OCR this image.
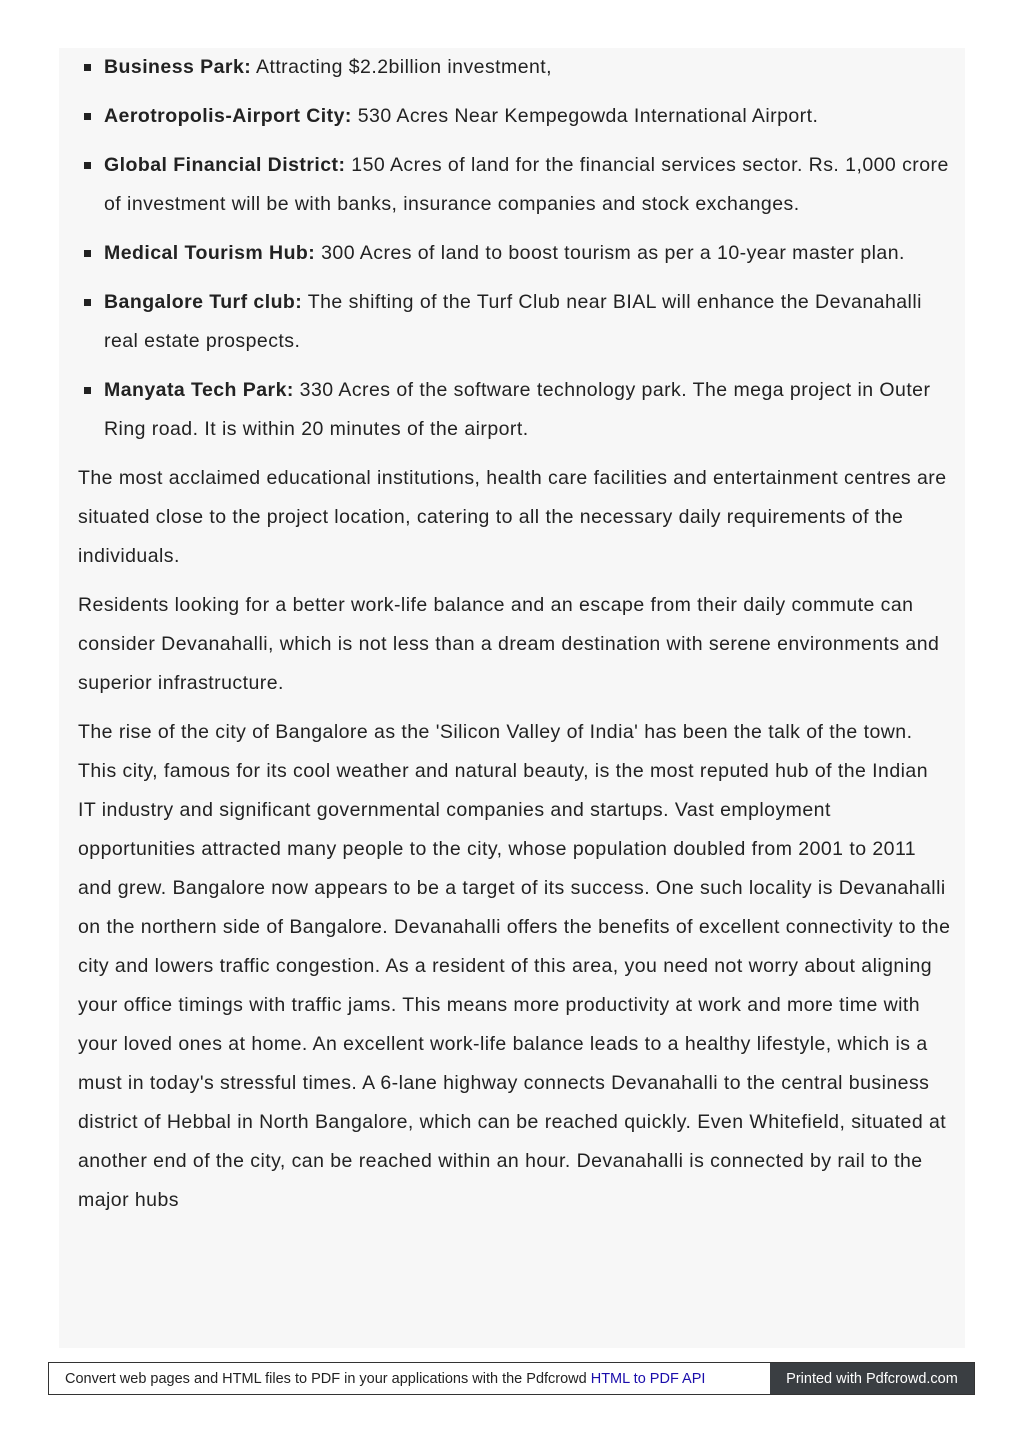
Business Park: Attracting $2.2billion investment,
Aerotropolis-Airport City: 530 Acres Near Kempegowda International Airport.
Global Financial District: 150 Acres of land for the financial services sector. Rs. 1,000 crore of investment will be with banks, insurance companies and stock exchanges.
Medical Tourism Hub: 300 Acres of land to boost tourism as per a 10-year master plan.
Bangalore Turf club: The shifting of the Turf Club near BIAL will enhance the Devanahalli real estate prospects.
Manyata Tech Park: 330 Acres of the software technology park. The mega project in Outer Ring road. It is within 20 minutes of the airport.

The most acclaimed educational institutions, health care facilities and entertainment centres are situated close to the project location, catering to all the necessary daily requirements of the individuals.

Residents looking for a better work-life balance and an escape from their daily commute can consider Devanahalli, which is not less than a dream destination with serene environments and superior infrastructure.

The rise of the city of Bangalore as the 'Silicon Valley of India' has been the talk of the town. This city, famous for its cool weather and natural beauty, is the most reputed hub of the Indian IT industry and significant governmental companies and startups. Vast employment opportunities attracted many people to the city, whose population doubled from 2001 to 2011 and grew. Bangalore now appears to be a target of its success. One such locality is Devanahalli on the northern side of Bangalore. Devanahalli offers the benefits of excellent connectivity to the city and lowers traffic congestion. As a resident of this area, you need not worry about aligning your office timings with traffic jams. This means more productivity at work and more time with your loved ones at home. An excellent work-life balance leads to a healthy lifestyle, which is a must in today's stressful times. A 6-lane highway connects Devanahalli to the central business district of Hebbal in North Bangalore, which can be reached quickly. Even Whitefield, situated at another end of the city, can be reached within an hour. Devanahalli is connected by rail to the major hubs

Convert web pages and HTML files to PDF in your applications with the Pdfcrowd HTML to PDF API	Printed with Pdfcrowd.com
